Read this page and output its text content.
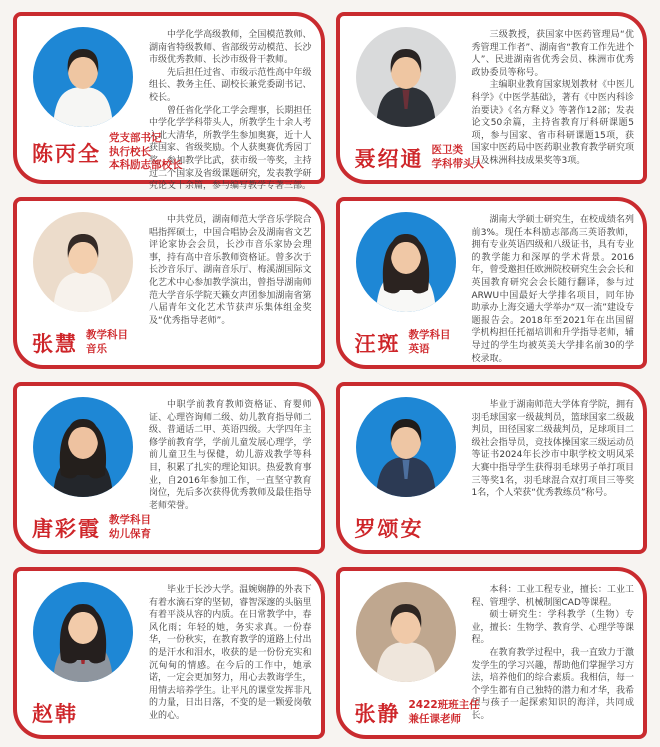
中学化学高级教师，全国模范教师、湖南省特级教师、省部级劳动模范、长沙市级优秀教师、长沙市级骨干教师。

先后担任过省、市级示范性高中年级组长、教务主任、副校长兼党委副书记、校长。

曾任省化学化工学会理事，长期担任中学化学学科带头人，所教学生十余人考入北大清华，所教学生参加奥赛，近十人获国家、省级奖励。个人获奥赛优秀园丁奖，参加教学比武，获市级一等奖，主持过二个国家及省级课题研究，发表教学研究论文十余篇，参与编写教学专著三部。

陈丙全
党支部书记
执行校长
本科励志部校长

三级教授，获国家中医药管理局“优秀管理工作者”、湖南省“教育工作先进个人”、民进湖南省优秀会员、株洲市优秀政协委员等称号。

主编职业教育国家规划教材《中医儿科学》《中医学基础》，著有《中医内科诊治要诀》《名方释义》等著作12部；发表论文50余篇，主持省教育厅科研课题5项，参与国家、省市科研课题15项，获国家中医药局中医药职业教育教学研究项目及株洲科技成果奖等3项。

聂绍通 医卫类
学科带头人

中共党员，湖南师范大学音乐学院合唱指挥硕士，中国合唱协会及湖南省文艺评论家协会会员，长沙市音乐家协会理事，持有高中音乐教师资格证。曾多次于长沙音乐厅、湖南音乐厅、梅溪湖国际文化艺术中心参加教学演出，曾指导湖南师范大学音乐学院天籁女声团参加湖南省第八届青年文化艺术节获声乐集体组金奖及“优秀指导老师”。

张慧 教学科目
音乐

湖南大学硕士研究生，在校成绩名列前3%。现任本科励志部高三英语教师，拥有专业英语四级和八级证书，具有专业的教学能力和深厚的学术背景。2016年，曾受邀担任欧洲院校研究生会会长和英国教育研究会会长随行翻译，参与过ARWU中国最好大学排名项目，同年协助承办上海交通大学举办“双一流”建设专题报告会。2018年至2021年在出国留学机构担任托福培训和升学指导老师，辅导过的学生均被英美大学排名前30的学校录取。

汪斑 教学科目
英语

中职学前教育教师资格证、育婴师证、心理咨询师二级、幼儿教育指导师二级、普通话二甲、英语四级。大学四年主修学前教育学，学前儿童发展心理学，学前儿童卫生与保健，幼儿游戏教学等科目，积累了扎实的理论知识。热爱教育事业，自2016年参加工作，一直坚守教育岗位，先后多次获得优秀教师及最佳指导老师荣誉。

唐彩霞 教学科目
幼儿保育

毕业于湖南师范大学体育学院，拥有羽毛球国家一级裁判员，篮球国家二级裁判员，田径国家二级裁判员，足球项目二级社会指导员，竞技体操国家三级运动员等证书2024年长沙市中职学校文明风采大赛中指导学生获得羽毛球男子单打项目三等奖1名，羽毛球混合双打项目三等奖1名，个人荣获“优秀教练员”称号。

罗颂安

毕业于长沙大学。温婉娴静的外表下有着水滴石穿的坚韧，睿智深邃的头脑里有着平淡从容的内质。在日常教学中，春风化雨；年轻的她，务实求真。一份春华，一份秋实，在教育教学的道路上付出的是汗水和泪水，收获的是一份份充实和沉甸甸的情感。在今后的工作中，她承诺，一定会更加努力，用心去教诲学生，用情去培养学生。让平凡的课堂发挥非凡的力量，日出日落，不变的是一颗爱岗敬业的心。

赵韩

本科：工业工程专业，擅长：工业工程、管理学、机械制图CAD等课程。

硕士研究生：学科教学（生物）专业，擅长：生物学、教育学、心理学等课程。

在教育教学过程中，我一直致力于激发学生的学习兴趣，帮助他们掌握学习方法，培养他们的综合素质。我相信，每一个学生都有自己独特的潜力和才华，我希望与孩子一起探索知识的海洋，共同成长。

张静 2422班班主任
兼任课老师
